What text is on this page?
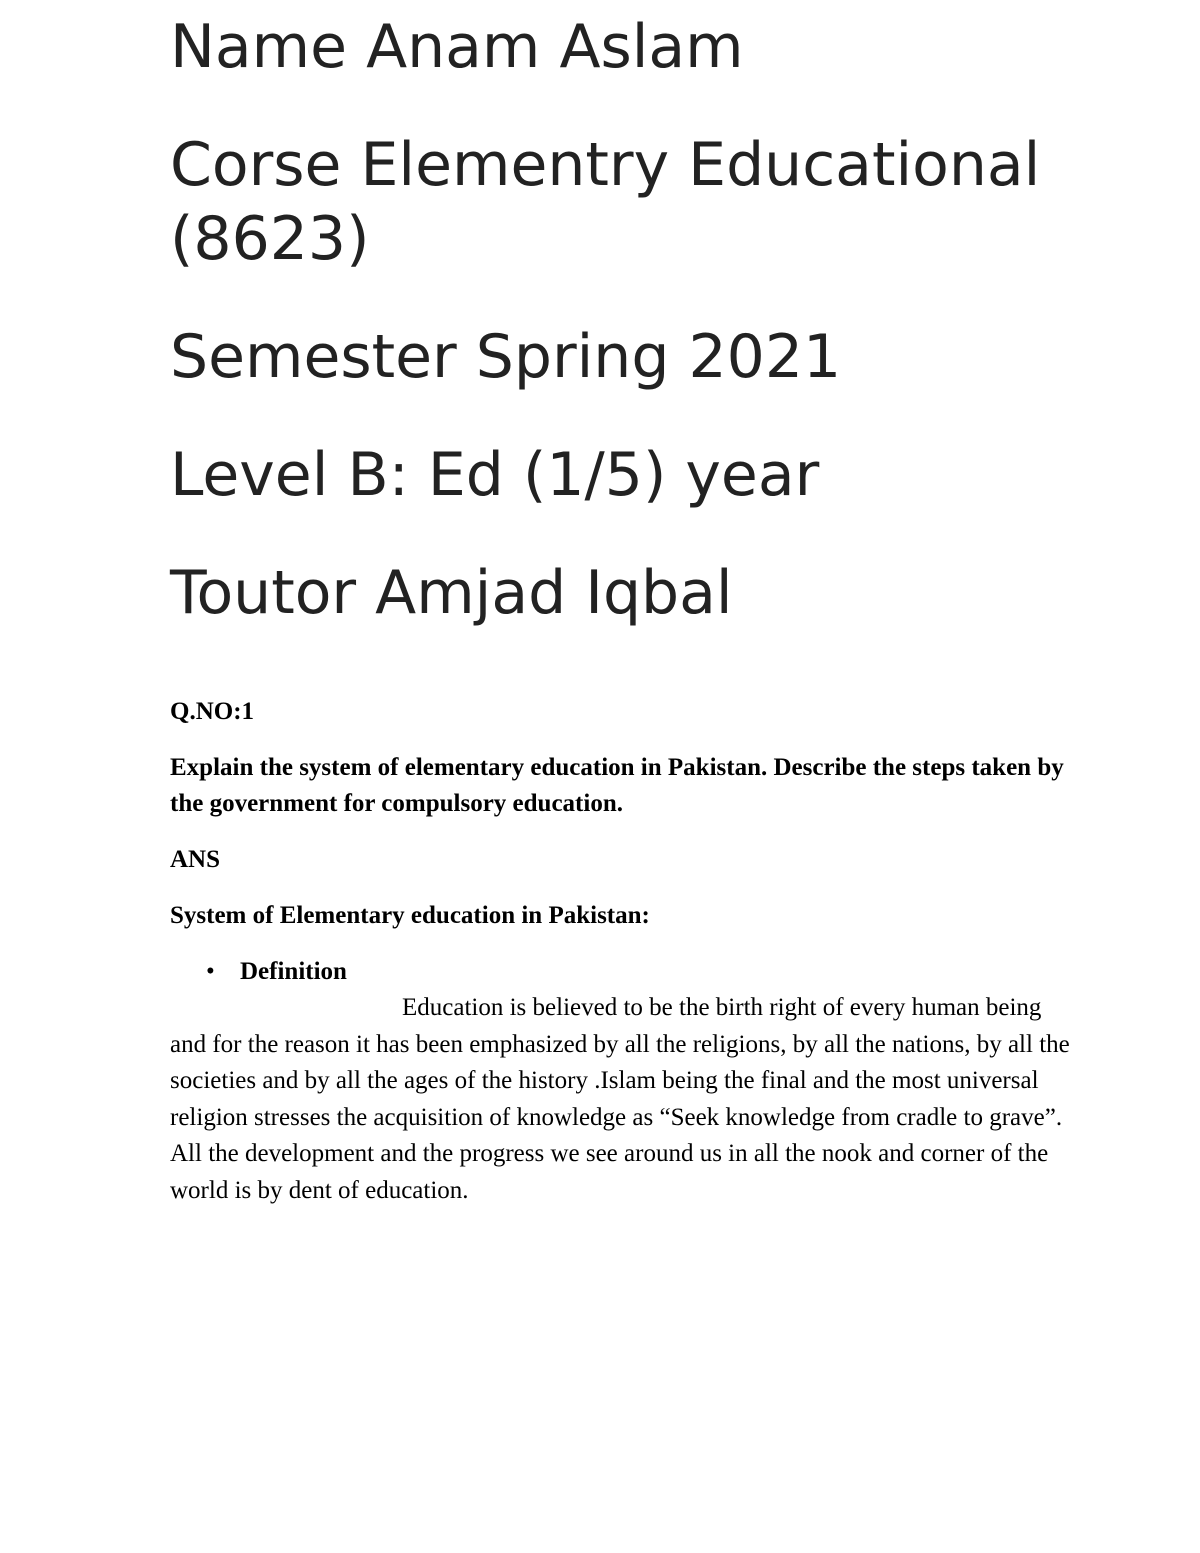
Name Anam Aslam
Corse Elementry Educational (8623)
Semester Spring 2021
Level B: Ed (1/5) year
Toutor Amjad Iqbal
Q.NO:1
Explain the system of elementary education in Pakistan. Describe the steps taken by the government for compulsory education.
ANS
System of Elementary education in Pakistan:
• Definition
Education is believed to be the birth right of every human being and for the reason it has been emphasized by all the religions, by all the nations, by all the societies and by all the ages of the history .Islam being the final and the most universal religion stresses the acquisition of knowledge as “Seek knowledge from cradle to grave”. All the development and the progress we see around us in all the nook and corner of the world is by dent of education.
